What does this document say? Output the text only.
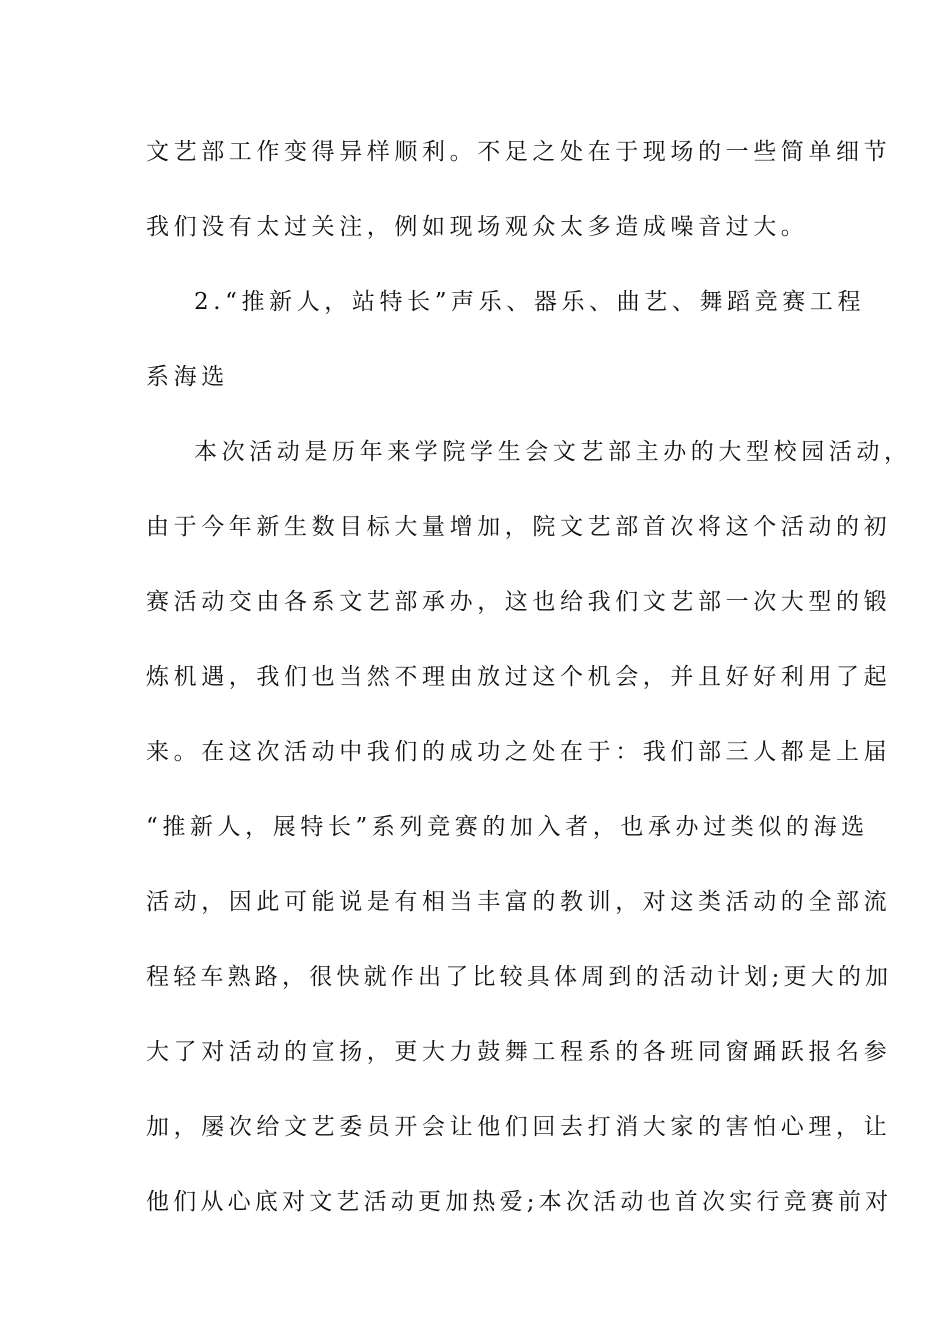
文艺部工作变得异样顺利。不足之处在于现场的一些简单细节
我们没有太过关注，例如现场观众太多造成噪音过大。
2.“推新人，站特长”声乐、器乐、曲艺、舞蹈竞赛工程
系海选
本次活动是历年来学院学生会文艺部主办的大型校园活动，
由于今年新生数目标大量增加，院文艺部首次将这个活动的初
赛活动交由各系文艺部承办，这也给我们文艺部一次大型的锻
炼机遇，我们也当然不理由放过这个机会，并且好好利用了起
来。在这次活动中我们的成功之处在于：我们部三人都是上届
“推新人，展特长”系列竞赛的加入者，也承办过类似的海选
活动，因此可能说是有相当丰富的教训，对这类活动的全部流
程轻车熟路，很快就作出了比较具体周到的活动计划;更大的加
大了对活动的宣扬，更大力鼓舞工程系的各班同窗踊跃报名参
加，屡次给文艺委员开会让他们回去打消大家的害怕心理，让
他们从心底对文艺活动更加热爱;本次活动也首次实行竞赛前对
